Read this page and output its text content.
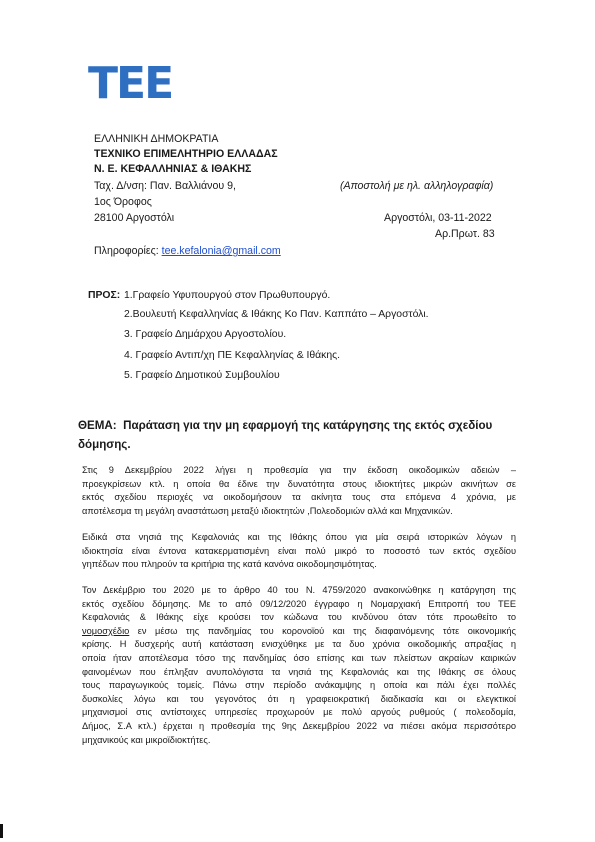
ТЕΕ
ΕΛΛΗΝΙΚΗ ΔΗΜΟΚΡΑΤΙΑ
ΤΕΧΝΙΚΟ ΕΠΙΜΕΛΗΤΗΡΙΟ ΕΛΛΑΔΑΣ
Ν. Ε. ΚΕΦΑΛΛΗΝΙΑΣ & ΙΘΑΚΗΣ
Ταχ. Δ/νση: Παν. Βαλλιάνου 9,
1ος Όροφος
28100 Αργοστόλι
(Αποστολή με ηλ. αλληλογραφία)
Αργοστόλι, 03-11-2022
Αρ.Πρωτ. 83
Πληροφορίες: tee.kefalonia@gmail.com
ΠΡΟΣ: 1.Γραφείο Υφυπουργού στον Πρωθυπουργό.
2.Βουλευτή Κεφαλληνίας & Ιθάκης Κο Παν. Καππάτο – Αργοστόλι.
3. Γραφείο Δημάρχου Αργοστολίου.
4. Γραφείο Αντιπ/χη ΠΕ Κεφαλληνίας & Ιθάκης.
5. Γραφείο Δημοτικού Συμβουλίου
ΘΕΜΑ: Παράταση για την μη εφαρμογή της κατάργησης της εκτός σχεδίου
δόμησης.
Στις 9 Δεκεμβρίου 2022 λήγει η προθεσμία για την έκδοση οικοδομικών αδειών –
προεγκρίσεων κτλ. η οποία θα έδινε την δυνατότητα στους ιδιοκτήτες μικρών ακινήτων σε
εκτός σχεδίου περιοχές να οικοδομήσουν τα ακίνητα τους στα επόμενα 4 χρόνια, με
αποτέλεσμα τη μεγάλη αναστάτωση μεταξύ ιδιοκτητών ,Πολεοδομιών αλλά και Μηχανικών.
Ειδικά στα νησιά της Κεφαλονιάς και της Ιθάκης όπου για μία σειρά ιστορικών λόγων η
ιδιοκτησία είναι έντονα κατακερματισμένη είναι πολύ μικρό το ποσοστό των εκτός σχεδίου
γηπέδων που πληρούν τα κριτήρια της κατά κανόνα οικοδομησιμότητας.
Τον Δεκέμβριο του 2020 με το άρθρο 40 του Ν. 4759/2020 ανακοινώθηκε η κατάργηση της
εκτός σχεδίου δόμησης. Με το από 09/12/2020 έγγραφο η Νομαρχιακή Επιτροπή του ΤΕΕ
Κεφαλονιάς & Ιθάκης είχε κρούσει τον κώδωνα του κινδύνου όταν τότε προωθείτο το
νομοσχέδιο εν μέσω της πανδημίας του κορονοϊού και της διαφαινόμενης τότε οικονομικής
κρίσης. Η δυσχερής αυτή κατάσταση ενισχύθηκε με τα δυο χρόνια οικοδομικής απραξίας η
οποία ήταν αποτέλεσμα τόσο της πανδημίας όσο επίσης και των πλείστων ακραίων καιρικών
φαινομένων που έπληξαν ανυπολόγιστα τα νησιά της Κεφαλονιάς και της Ιθάκης σε όλους
τους παραγωγικούς τομείς. Πάνω στην περίοδο ανάκαμψης η οποία και πάλι έχει πολλές
δυσκολίες λόγω και του γεγονότος ότι η γραφειοκρατική διαδικασία και οι ελεγκτικοί
μηχανισμοί στις αντίστοιχες υπηρεσίες προχωρούν με πολύ αργούς ρυθμούς ( πολεοδομία,
Δήμος, Σ.Α κτλ.) έρχεται η προθεσμία της 9ης Δεκεμβρίου 2022 να πιέσει ακόμα περισσότερο
μηχανικούς και μικροϊδιοκτήτες.
